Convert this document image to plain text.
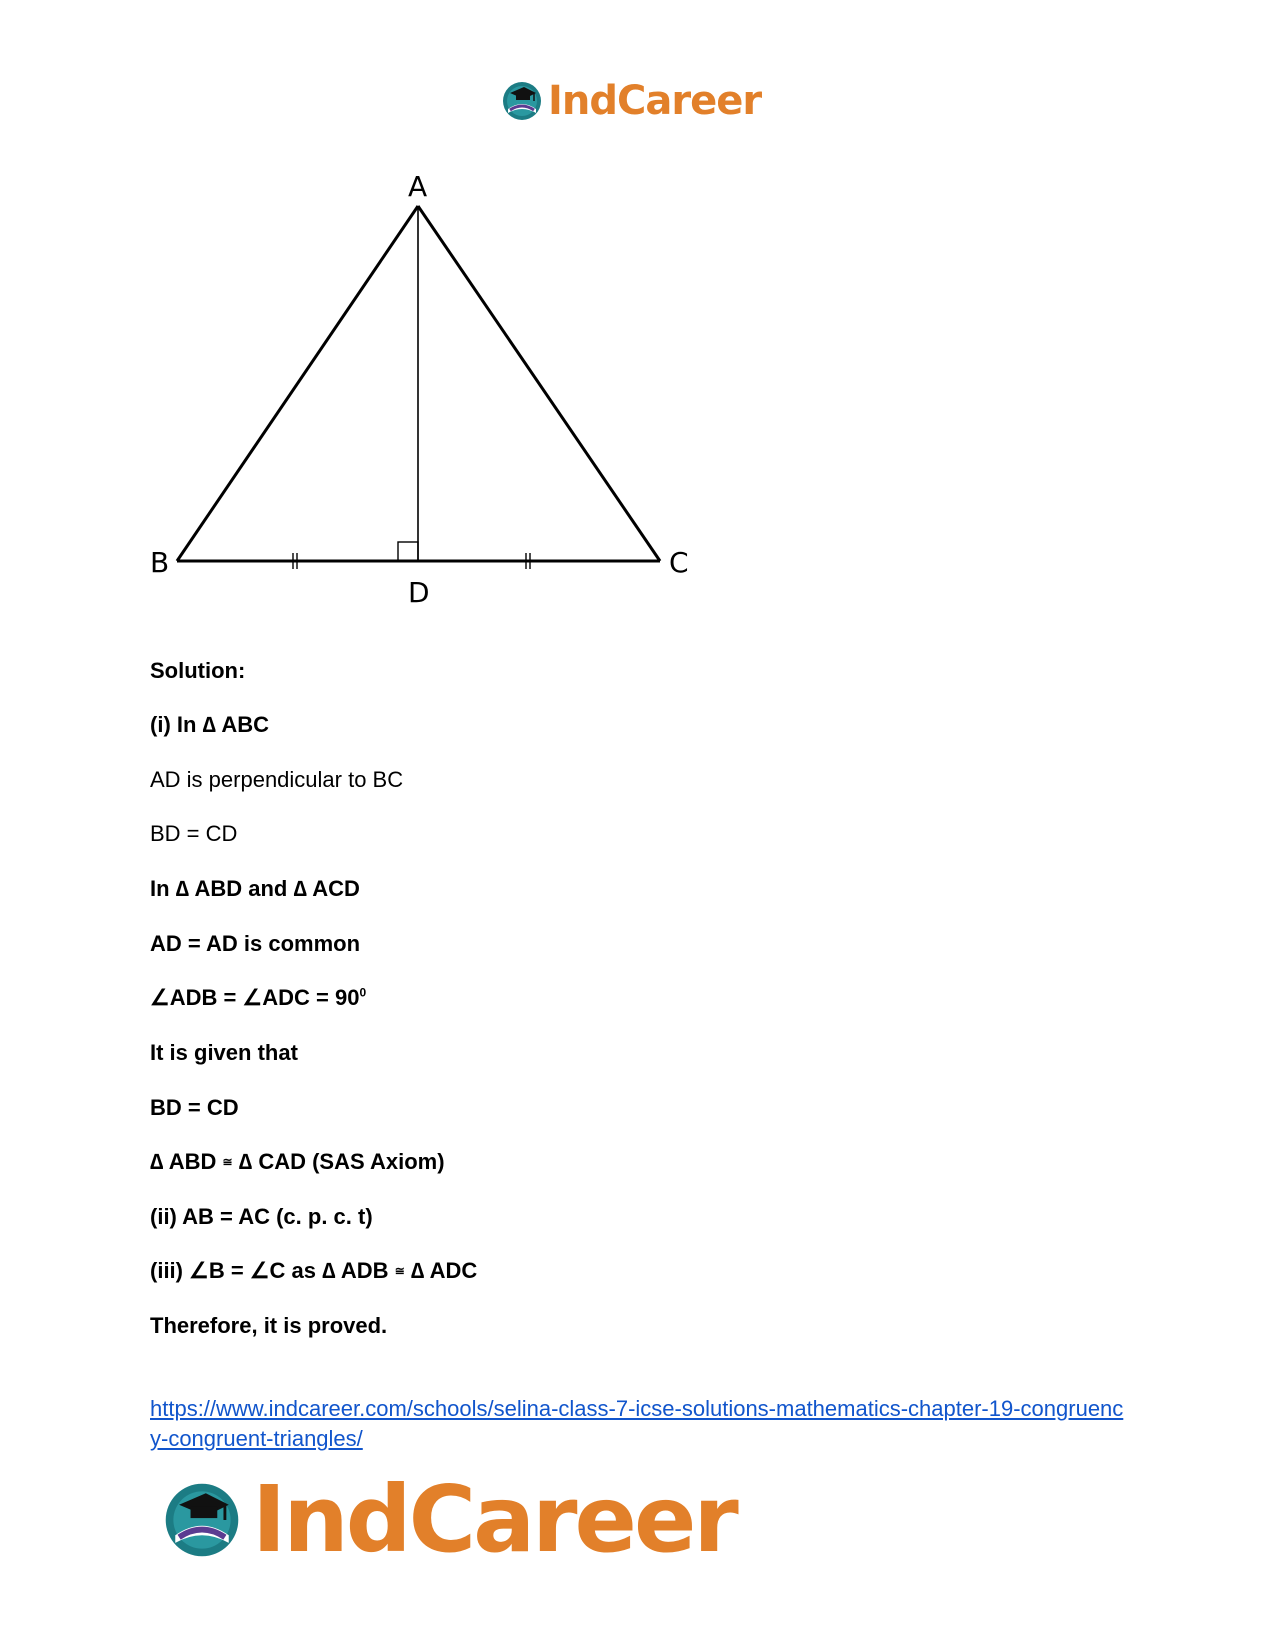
IndCareer
A
B	C
D
Solution:
(i) In ∆ ABC
AD is perpendicular to BC
BD = CD
In ∆ ABD and ∆ ACD
AD = AD is common
∠ADB = ∠ADC = $90^0$
It is given that
BD = CD
∆ ABD ≅ ∆ CAD (SAS Axiom)
(ii) AB = AC (c. p. c. t)
(iii) ∠B = ∠C as ∆ ADB ≅ ∆ ADC
Therefore, it is proved.
https://www.indcareer.com/schools/selina-class-7-icse-solutions-mathematics-chapter-19-congruency-congruent-triangles/
IndCareer
